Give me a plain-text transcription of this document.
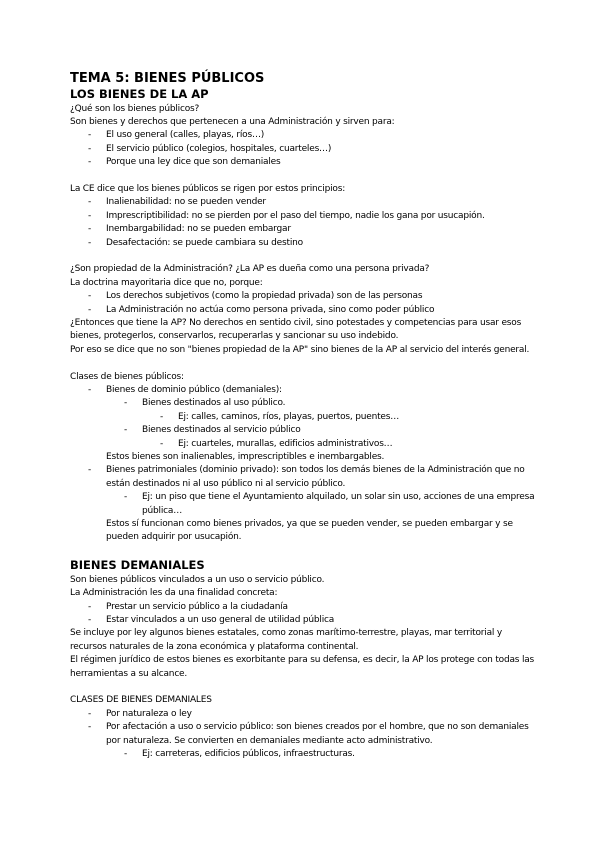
TEMA 5: BIENES PÚBLICOS
LOS BIENES DE LA AP
¿Qué son los bienes públicos?
Son bienes y derechos que pertenecen a una Administración y sirven para:
- El uso general (calles, playas, ríos…)
- El servicio público (colegios, hospitales, cuarteles…)
- Porque una ley dice que son demaniales
La CE dice que los bienes públicos se rigen por estos principios:
- Inalienabilidad: no se pueden vender
- Imprescriptibilidad: no se pierden por el paso del tiempo, nadie los gana por usucapión.
- Inembargabilidad: no se pueden embargar
- Desafectación: se puede cambiara su destino
¿Son propiedad de la Administración? ¿La AP es dueña como una persona privada?
La doctrina mayoritaria dice que no, porque:
- Los derechos subjetivos (como la propiedad privada) son de las personas
- La Administración no actúa como persona privada, sino como poder público
¿Entonces que tiene la AP? No derechos en sentido civil, sino potestades y competencias para usar esos bienes, protegerlos, conservarlos, recuperarlas y sancionar su uso indebido.
Por eso se dice que no son "bienes propiedad de la AP" sino bienes de la AP al servicio del interés general.
Clases de bienes públicos:
- Bienes de dominio público (demaniales):
- Bienes destinados al uso público.
- Ej: calles, caminos, ríos, playas, puertos, puentes…
- Bienes destinados al servicio público
- Ej: cuarteles, murallas, edificios administrativos…
Estos bienes son inalienables, imprescriptibles e inembargables.
- Bienes patrimoniales (dominio privado): son todos los demás bienes de la Administración que no están destinados ni al uso público ni al servicio público.
- Ej: un piso que tiene el Ayuntamiento alquilado, un solar sin uso, acciones de una empresa pública…
Estos sí funcionan como bienes privados, ya que se pueden vender, se pueden embargar y se pueden adquirir por usucapión.
BIENES DEMANIALES
Son bienes públicos vinculados a un uso o servicio público.
La Administración les da una finalidad concreta:
- Prestar un servicio público a la ciudadanía
- Estar vinculados a un uso general de utilidad pública
Se incluye por ley algunos bienes estatales, como zonas marítimo-terrestre, playas, mar territorial y recursos naturales de la zona económica y plataforma continental.
El régimen jurídico de estos bienes es exorbitante para su defensa, es decir, la AP los protege con todas las herramientas a su alcance.
CLASES DE BIENES DEMANIALES
- Por naturaleza o ley
- Por afectación a uso o servicio público: son bienes creados por el hombre, que no son demaniales por naturaleza. Se convierten en demaniales mediante acto administrativo.
- Ej: carreteras, edificios públicos, infraestructuras.
